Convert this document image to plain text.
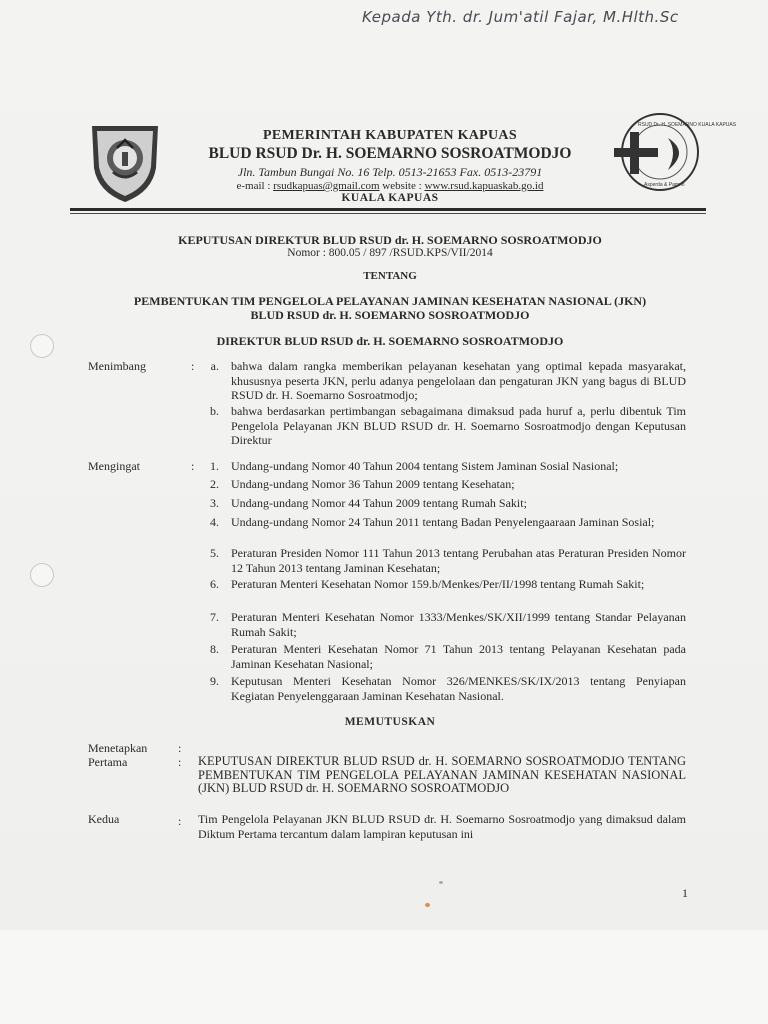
Kepada Yth. dr. Jum'atil Fajar, M.Hlth.Sc
RSUD Dr. H. SOEMARNO KUALA KAPUAS
Asperda & Pamrih
PEMERINTAH KABUPATEN KAPUAS
BLUD RSUD Dr. H. SOEMARNO SOSROATMODJO
Jln. Tambun Bungai No. 16 Telp. 0513-21653 Fax. 0513-23791
e-mail : rsudkapuas@gmail.com website : www.rsud.kapuaskab.go.id
KUALA KAPUAS
KEPUTUSAN DIREKTUR BLUD RSUD dr. H. SOEMARNO SOSROATMODJO
Nomor : 800.05 / 897 /RSUD.KPS/VII/2014
TENTANG
PEMBENTUKAN TIM PENGELOLA PELAYANAN JAMINAN KESEHATAN NASIONAL (JKN)
BLUD RSUD dr. H. SOEMARNO SOSROATMODJO
DIREKTUR BLUD RSUD dr. H. SOEMARNO SOSROATMODJO
Menimbang	:	a. bahwa dalam rangka memberikan pelayanan kesehatan yang optimal kepada masyarakat, khususnya peserta JKN, perlu adanya pengelolaan dan pengaturan JKN yang bagus di BLUD RSUD dr. H. Soemarno Sosroatmodjo;
b. bahwa berdasarkan pertimbangan sebagaimana dimaksud pada huruf a, perlu dibentuk Tim Pengelola Pelayanan JKN BLUD RSUD dr. H. Soemarno Sosroatmodjo dengan Keputusan Direktur
Mengingat	:	1. Undang-undang Nomor 40 Tahun 2004 tentang Sistem Jaminan Sosial Nasional;
2. Undang-undang Nomor 36 Tahun 2009 tentang Kesehatan;
3. Undang-undang Nomor 44 Tahun 2009 tentang Rumah Sakit;
4. Undang-undang Nomor 24 Tahun 2011 tentang Badan Penyelengaaraan Jaminan Sosial;
5. Peraturan Presiden Nomor 111 Tahun 2013 tentang Perubahan atas Peraturan Presiden Nomor 12 Tahun 2013 tentang Jaminan Kesehatan;
6. Peraturan Menteri Kesehatan Nomor 159.b/Menkes/Per/II/1998 tentang Rumah Sakit;
7. Peraturan Menteri Kesehatan Nomor 1333/Menkes/SK/XII/1999 tentang Standar Pelayanan Rumah Sakit;
8. Peraturan Menteri Kesehatan Nomor 71 Tahun 2013 tentang Pelayanan Kesehatan pada Jaminan Kesehatan Nasional;
9. Keputusan Menteri Kesehatan Nomor 326/MENKES/SK/IX/2013 tentang Penyiapan Kegiatan Penyelenggaraan Jaminan Kesehatan Nasional.
MEMUTUSKAN
Menetapkan	:
Pertama	: KEPUTUSAN DIREKTUR BLUD RSUD dr. H. SOEMARNO SOSROATMODJO TENTANG PEMBENTUKAN TIM PENGELOLA PELAYANAN JAMINAN KESEHATAN NASIONAL (JKN) BLUD RSUD dr. H. SOEMARNO SOSROATMODJO
Kedua	: Tim Pengelola Pelayanan JKN BLUD RSUD dr. H. Soemarno Sosroatmodjo yang dimaksud dalam Diktum Pertama tercantum dalam lampiran keputusan ini
1
